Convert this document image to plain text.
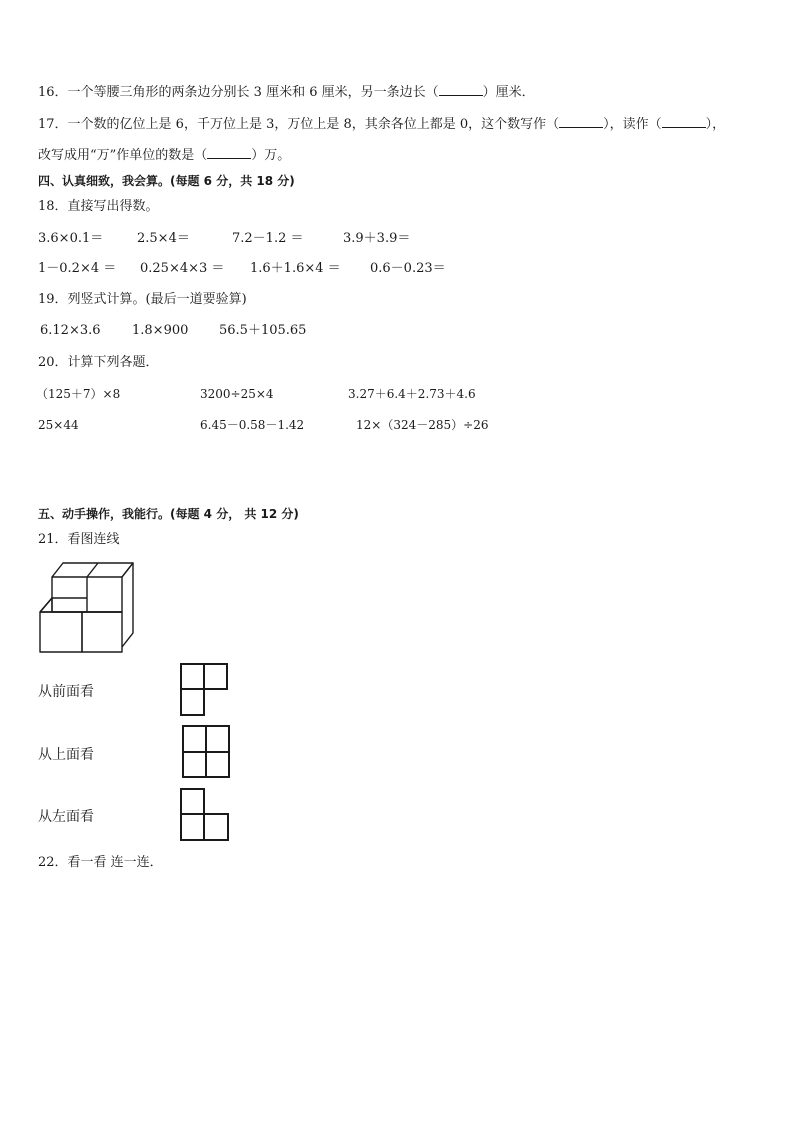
16．一个等腰三角形的两条边分别长 3 厘米和 6 厘米，另一条边长（	）厘米．
17．一个数的亿位上是 6，千万位上是 3，万位上是 8，其余各位上都是 0，这个数写作（	），读作（	），
改写成用“万”作单位的数是（	）万。
四、认真细致，我会算。(每题 6 分，共 18 分)
18．直接写出得数。
3.6×0.1＝	2.5×4＝	7.2－1.2 ＝	3.9＋3.9＝
1－0.2×4 ＝ 0.25×4×3 ＝ 1.6＋1.6×4 ＝ 0.6－0.23＝
19．列竖式计算。(最后一道要验算)
6.12×3.6 1.8×900 56.5＋105.65
20．计算下列各题．
（125＋7）×8	3200÷25×4	3.27＋6.4＋2.73＋4.6
25×44	6.45－0.58－1.42	12×（324－285）÷26
五、动手操作，我能行。(每题 4 分， 共 12 分)
21．看图连线
从前面看
从上面看
从左面看
22．看一看 连一连．
